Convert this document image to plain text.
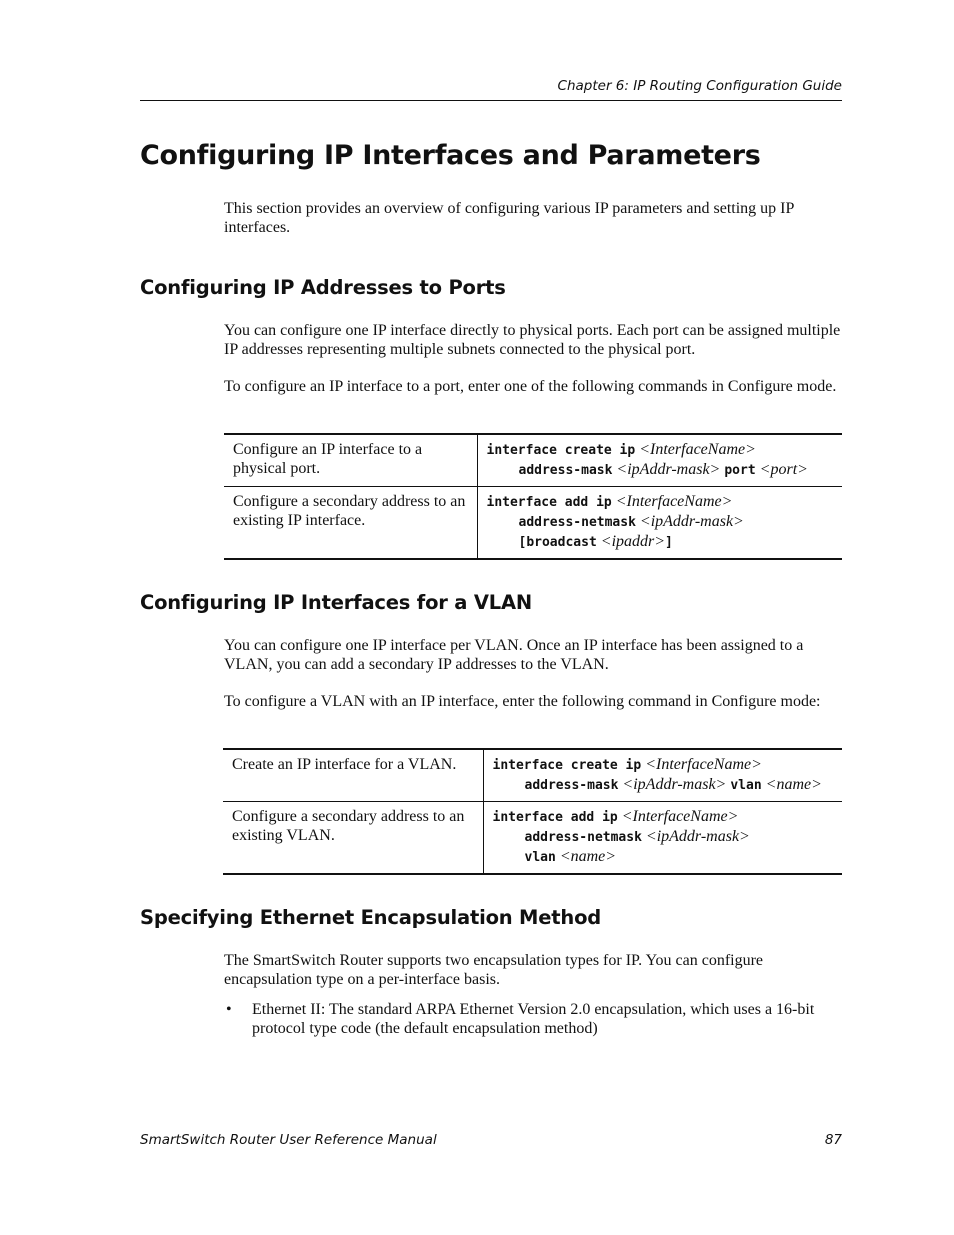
Chapter 6: IP Routing Configuration Guide
Configuring IP Interfaces and Parameters

This section provides an overview of configuring various IP parameters and setting up IP interfaces.

Configuring IP Addresses to Ports

You can configure one IP interface directly to physical ports. Each port can be assigned multiple IP addresses representing multiple subnets connected to the physical port.

To configure an IP interface to a port, enter one of the following commands in Configure mode.

Configure an IP interface to a physical port.	interface create ip <InterfaceName>
address-mask <ipAddr-mask> port <port>

Configure a secondary address to an existing IP interface.	interface add ip <InterfaceName>
address-netmask <ipAddr-mask>
[broadcast <ipaddr>]
Configuring IP Interfaces for a VLAN

You can configure one IP interface per VLAN. Once an IP interface has been assigned to a VLAN, you can add a secondary IP addresses to the VLAN.

To configure a VLAN with an IP interface, enter the following command in Configure mode:

Create an IP interface for a VLAN.	interface create ip <InterfaceName>
address-mask <ipAddr-mask> vlan <name>

Configure a secondary address to an existing VLAN.	interface add ip <InterfaceName>
address-netmask <ipAddr-mask>
vlan <name>
Specifying Ethernet Encapsulation Method

The SmartSwitch Router supports two encapsulation types for IP. You can configure encapsulation type on a per-interface basis.

• Ethernet II: The standard ARPA Ethernet Version 2.0 encapsulation, which uses a 16-bit protocol type code (the default encapsulation method)
SmartSwitch Router User Reference Manual	87
